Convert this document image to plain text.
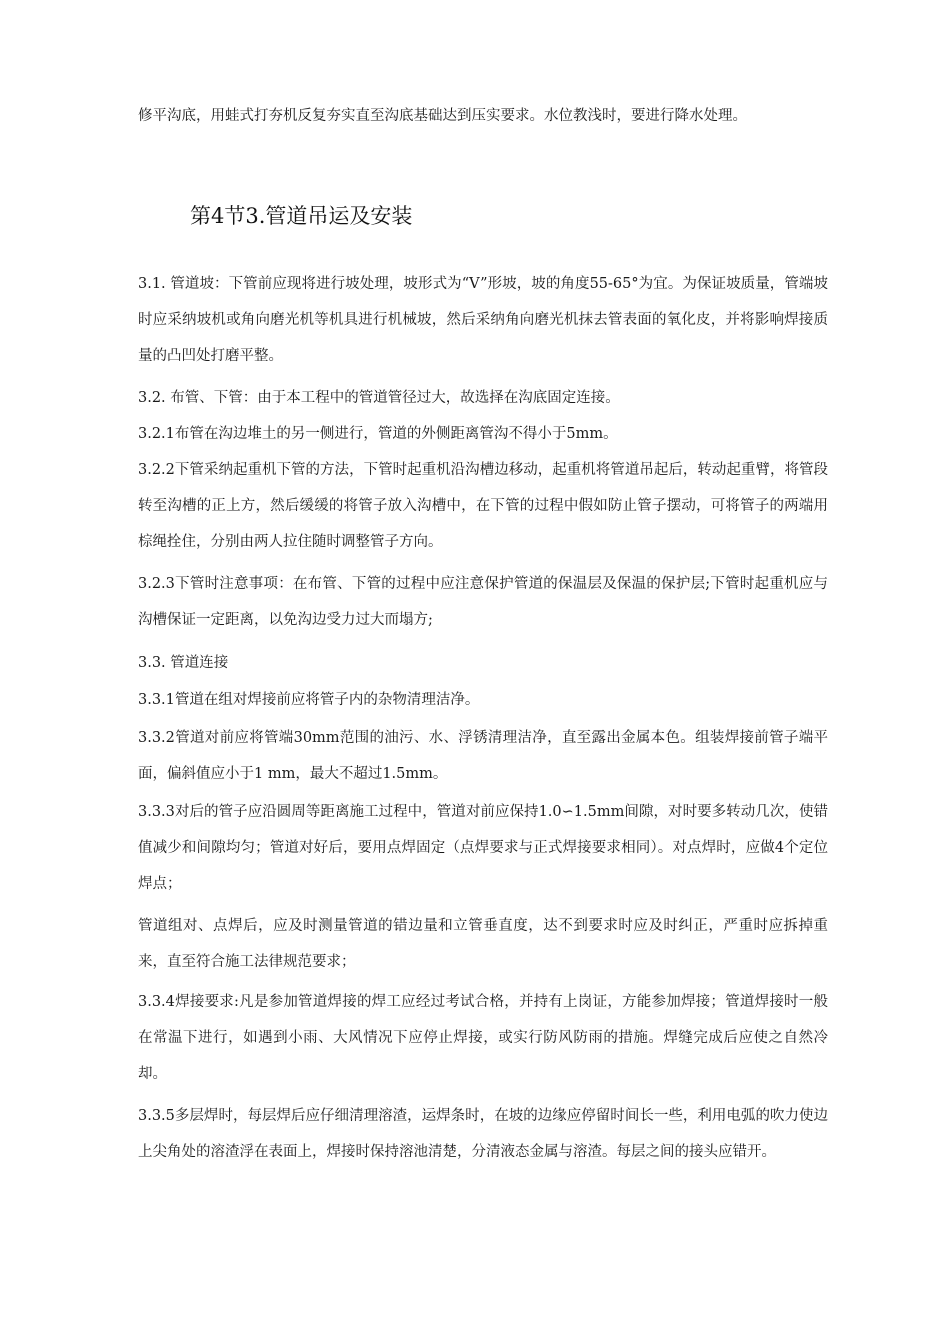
修平沟底，用蛙式打夯机反复夯实直至沟底基础达到压实要求。水位教浅时，要进行降水处理。

第4节3.管道吊运及安装

3.1. 管道坡：下管前应现将进行坡处理，坡形式为“V”形坡，坡的角度55-65°为宜。为保证坡质量，管端坡时应采纳坡机或角向磨光机等机具进行机械坡，然后采纳角向磨光机抹去管表面的氧化皮，并将影响焊接质量的凸凹处打磨平整。

3.2. 布管、下管：由于本工程中的管道管径过大，故选择在沟底固定连接。

3.2.1布管在沟边堆土的另一侧进行，管道的外侧距离管沟不得小于5mm。

3.2.2下管采纳起重机下管的方法，下管时起重机沿沟槽边移动，起重机将管道吊起后，转动起重臂，将管段转至沟槽的正上方，然后缓缓的将管子放入沟槽中，在下管的过程中假如防止管子摆动，可将管子的两端用棕绳拴住，分别由两人拉住随时调整管子方向。

3.2.3下管时注意事项：在布管、下管的过程中应注意保护管道的保温层及保温的保护层;下管时起重机应与沟槽保证一定距离，以免沟边受力过大而塌方;

3.3. 管道连接

3.3.1管道在组对焊接前应将管子内的杂物清理洁净。

3.3.2管道对前应将管端30mm范围的油污、水、浮锈清理洁净，直至露出金属本色。组装焊接前管子端平面，偏斜值应小于1 mm，最大不超过1.5mm。

3.3.3对后的管子应沿圆周等距离施工过程中，管道对前应保持1.0∽1.5mm间隙，对时要多转动几次，使错值减少和间隙均匀；管道对好后，要用点焊固定（点焊要求与正式焊接要求相同）。对点焊时，应做4个定位焊点；

管道组对、点焊后，应及时测量管道的错边量和立管垂直度，达不到要求时应及时纠正，严重时应拆掉重来，直至符合施工法律规范要求；

3.3.4焊接要求:凡是参加管道焊接的焊工应经过考试合格，并持有上岗证，方能参加焊接；管道焊接时一般在常温下进行，如遇到小雨、大风情况下应停止焊接，或实行防风防雨的措施。焊缝完成后应使之自然冷却。

3.3.5多层焊时，每层焊后应仔细清理溶渣，运焊条时，在坡的边缘应停留时间长一些，利用电弧的吹力使边上尖角处的溶渣浮在表面上，焊接时保持溶池清楚，分清液态金属与溶渣。每层之间的接头应错开。
